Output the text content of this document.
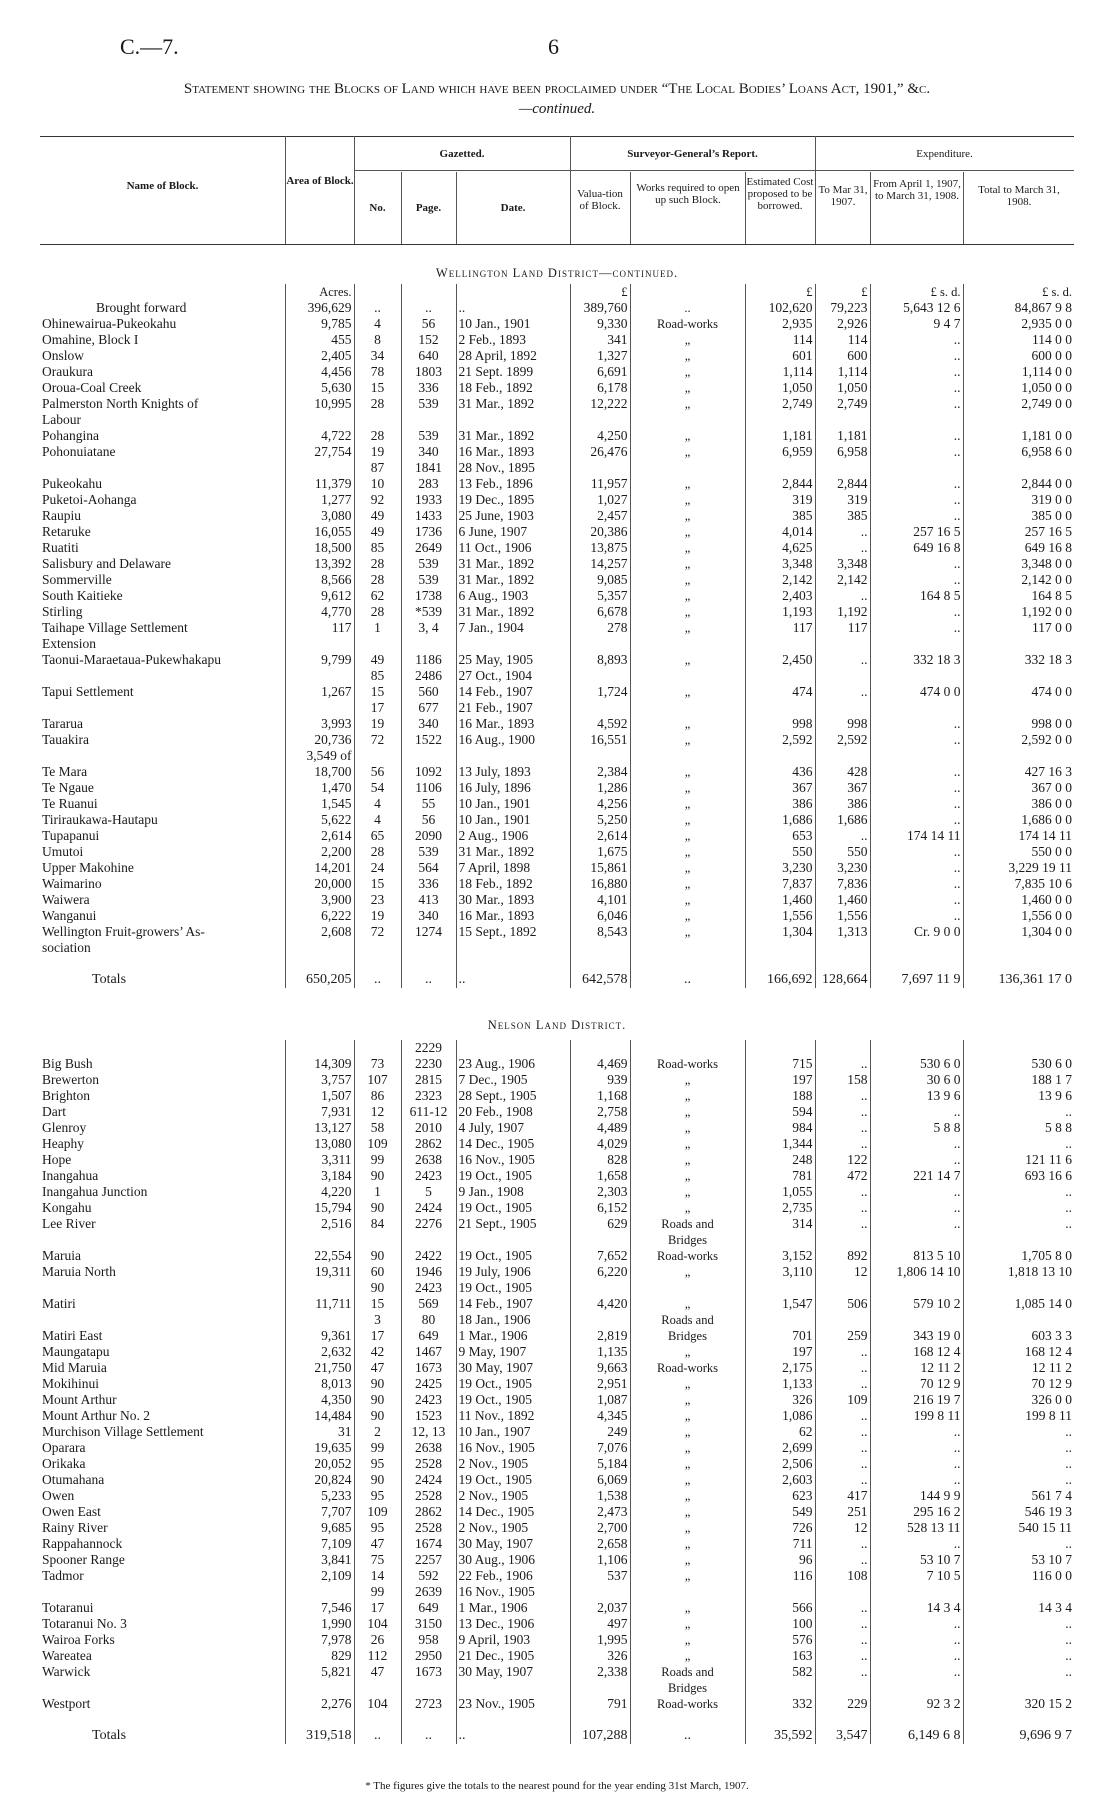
C.—7.	6
Statement showing the Blocks of Land which have been proclaimed under “The Local Bodies’ Loans Act, 1901,” &c.
—continued.
Name of Block.	Area of Block.
Gazetted.
No.	Page.	Date.
Surveyor-General’s Report.
Valua-tion of Block.
Works required to open up such Block.
Estimated Cost proposed to be borrowed.
Expenditure.
To Mar 31, 1907.
From April 1, 1907, to March 31, 1908.	Total to March 31, 1908.
Wellington Land District—continued.
	Acres.				£		£	£	£ s. d.	£ s. d.
Brought forward	396,629	..	..	..	389,760	..	102,620	79,223	5,643 12 6	84,867 9 8
Ohinewairua-Pukeokahu	9,785	4	56	10 Jan., 1901	9,330	Road-works	2,935	2,926	9 4 7	2,935 0 0
Omahine, Block I	455	8	152	2 Feb., 1893	341	„	114	114	..	114 0 0
Onslow	2,405	34	640	28 April, 1892	1,327	„	601	600	..	600 0 0
Oraukura	4,456	78	1803	21 Sept. 1899	6,691	„	1,114	1,114	..	1,114 0 0
Oroua-Coal Creek	5,630	15	336	18 Feb., 1892	6,178	„	1,050	1,050	..	1,050 0 0
Palmerston North Knights of	10,995	28	539	31 Mar., 1892	12,222	„	2,749	2,749	..	2,749 0 0
Labour										
Pohangina	4,722	28	539	31 Mar., 1892	4,250	„	1,181	1,181	..	1,181 0 0
Pohonuiatane	27,754	19	340	16 Mar., 1893	26,476	„	6,959	6,958	..	6,958 6 0
		87	1841	28 Nov., 1895						
Pukeokahu	11,379	10	283	13 Feb., 1896	11,957	„	2,844	2,844	..	2,844 0 0
Puketoi-Aohanga	1,277	92	1933	19 Dec., 1895	1,027	„	319	319	..	319 0 0
Raupiu	3,080	49	1433	25 June, 1903	2,457	„	385	385	..	385 0 0
Retaruke	16,055	49	1736	6 June, 1907	20,386	„	4,014	..	257 16 5	257 16 5
Ruatiti	18,500	85	2649	11 Oct., 1906	13,875	„	4,625	..	649 16 8	649 16 8
Salisbury and Delaware	13,392	28	539	31 Mar., 1892	14,257	„	3,348	3,348	..	3,348 0 0
Sommerville	8,566	28	539	31 Mar., 1892	9,085	„	2,142	2,142	..	2,142 0 0
South Kaitieke	9,612	62	1738	6 Aug., 1903	5,357	„	2,403	..	164 8 5	164 8 5
Stirling	4,770	28	*539	31 Mar., 1892	6,678	„	1,193	1,192	..	1,192 0 0
Taihape Village Settlement	117	1	3, 4	7 Jan., 1904	278	„	117	117	..	117 0 0
Extension										
Taonui-Maraetaua-Pukewhakapu	9,799	49	1186	25 May, 1905	8,893	„	2,450	..	332 18 3	332 18 3
		85	2486	27 Oct., 1904						
Tapui Settlement	1,267	15	560	14 Feb., 1907	1,724	„	474	..	474 0 0	474 0 0
		17	677	21 Feb., 1907						
Tararua	3,993	19	340	16 Mar., 1893	4,592	„	998	998	..	998 0 0
Tauakira	20,736	72	1522	16 Aug., 1900	16,551	„	2,592	2,592	..	2,592 0 0
	3,549 of									
Te Mara	18,700	56	1092	13 July, 1893	2,384	„	436	428	..	427 16 3
Te Ngaue	1,470	54	1106	16 July, 1896	1,286	„	367	367	..	367 0 0
Te Ruanui	1,545	4	55	10 Jan., 1901	4,256	„	386	386	..	386 0 0
Tiriraukawa-Hautapu	5,622	4	56	10 Jan., 1901	5,250	„	1,686	1,686	..	1,686 0 0
Tupapanui	2,614	65	2090	2 Aug., 1906	2,614	„	653	..	174 14 11	174 14 11
Umutoi	2,200	28	539	31 Mar., 1892	1,675	„	550	550	..	550 0 0
Upper Makohine	14,201	24	564	7 April, 1898	15,861	„	3,230	3,230	..	3,229 19 11
Waimarino	20,000	15	336	18 Feb., 1892	16,880	„	7,837	7,836	..	7,835 10 6
Waiwera	3,900	23	413	30 Mar., 1893	4,101	„	1,460	1,460	..	1,460 0 0
Wanganui	6,222	19	340	16 Mar., 1893	6,046	„	1,556	1,556	..	1,556 0 0
Wellington Fruit-growers’ As-	2,608	72	1274	15 Sept., 1892	8,543	„	1,304	1,313	Cr. 9 0 0	1,304 0 0
sociation										

Totals	650,205	..	..	..	642,578	..	166,692	128,664	7,697 11 9	136,361 17 0
Nelson Land District.
			2229							
Big Bush	14,309	73	2230	23 Aug., 1906	4,469	Road-works	715	..	530 6 0	530 6 0
Brewerton	3,757	107	2815	7 Dec., 1905	939	„	197	158	30 6 0	188 1 7
Brighton	1,507	86	2323	28 Sept., 1905	1,168	„	188	..	13 9 6	13 9 6
Dart	7,931	12	611-12	20 Feb., 1908	2,758	„	594	..	..	..
Glenroy	13,127	58	2010	4 July, 1907	4,489	„	984	..	5 8 8	5 8 8
Heaphy	13,080	109	2862	14 Dec., 1905	4,029	„	1,344	..	..	..
Hope	3,311	99	2638	16 Nov., 1905	828	„	248	122	..	121 11 6
Inangahua	3,184	90	2423	19 Oct., 1905	1,658	„	781	472	221 14 7	693 16 6
Inangahua Junction	4,220	1	5	9 Jan., 1908	2,303	„	1,055	..	..	..
Kongahu	15,794	90	2424	19 Oct., 1905	6,152	„	2,735	..	..	..
Lee River	2,516	84	2276	21 Sept., 1905	629	Roads and	314	..	..	..
						Bridges				
Maruia	22,554	90	2422	19 Oct., 1905	7,652	Road-works	3,152	892	813 5 10	1,705 8 0
Maruia North	19,311	60	1946	19 July, 1906	6,220	„	3,110	12	1,806 14 10	1,818 13 10
		90	2423	19 Oct., 1905						
Matiri	11,711	15	569	14 Feb., 1907	4,420	„	1,547	506	579 10 2	1,085 14 0
		3	80	18 Jan., 1906		Roads and				
Matiri East	9,361	17	649	1 Mar., 1906	2,819	Bridges	701	259	343 19 0	603 3 3
Maungatapu	2,632	42	1467	9 May, 1907	1,135	„	197	..	168 12 4	168 12 4
Mid Maruia	21,750	47	1673	30 May, 1907	9,663	Road-works	2,175	..	12 11 2	12 11 2
Mokihinui	8,013	90	2425	19 Oct., 1905	2,951	„	1,133	..	70 12 9	70 12 9
Mount Arthur	4,350	90	2423	19 Oct., 1905	1,087	„	326	109	216 19 7	326 0 0
Mount Arthur No. 2	14,484	90	1523	11 Nov., 1892	4,345	„	1,086	..	199 8 11	199 8 11
Murchison Village Settlement	31	2	12, 13	10 Jan., 1907	249	„	62	..	..	..
Oparara	19,635	99	2638	16 Nov., 1905	7,076	„	2,699	..	..	..
Orikaka	20,052	95	2528	2 Nov., 1905	5,184	„	2,506	..	..	..
Otumahana	20,824	90	2424	19 Oct., 1905	6,069	„	2,603	..	..	..
Owen	5,233	95	2528	2 Nov., 1905	1,538	„	623	417	144 9 9	561 7 4
Owen East	7,707	109	2862	14 Dec., 1905	2,473	„	549	251	295 16 2	546 19 3
Rainy River	9,685	95	2528	2 Nov., 1905	2,700	„	726	12	528 13 11	540 15 11
Rappahannock	7,109	47	1674	30 May, 1907	2,658	„	711	..	..	..
Spooner Range	3,841	75	2257	30 Aug., 1906	1,106	„	96	..	53 10 7	53 10 7
Tadmor	2,109	14	592	22 Feb., 1906	537	„	116	108	7 10 5	116 0 0
		99	2639	16 Nov., 1905						
Totaranui	7,546	17	649	1 Mar., 1906	2,037	„	566	..	14 3 4	14 3 4
Totaranui No. 3	1,990	104	3150	13 Dec., 1906	497	„	100	..	..	..
Wairoa Forks	7,978	26	958	9 April, 1903	1,995	„	576	..	..	..
Wareatea	829	112	2950	21 Dec., 1905	326	„	163	..	..	..
Warwick	5,821	47	1673	30 May, 1907	2,338	Roads and	582	..	..	..
						Bridges				
Westport	2,276	104	2723	23 Nov., 1905	791	Road-works	332	229	92 3 2	320 15 2

Totals	319,518	..	..	..	107,288	..	35,592	3,547	6,149 6 8	9,696 9 7
* The figures give the totals to the nearest pound for the year ending 31st March, 1907.
